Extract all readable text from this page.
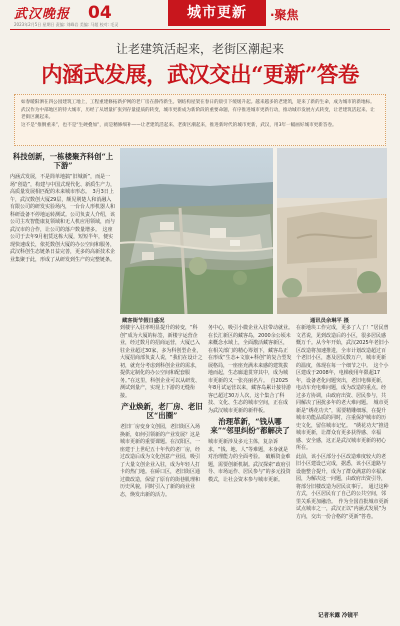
武汉晚报
2023年2月5日 星期日 责编: 刘峰岩 美编: 马超 校对: 毛灵
04	城市更新	·聚焦
让老建筑活起来，老街区潮起来
内涵式发展，武汉交出“更新”答卷
如春暖阳洒在四公园建筑工地上，工程重建修拓新护网的老厂房在静待新生。钢结构屋架在春日的晨引下缓缓升起。越来越多的老建筑，迎来了新的生命，成为城市的新地标。武汉作为中部地区的特大城市，历经了从增量扩张到存量提质的转变，城市更新成为新阶段的重要命题，有序推进城市更新行动，推动城市发展方式转变，让老建筑活起来、让老街区潮起来。
这不是“推倒重来”，也不是“生硬叠加”，而是精修细补——让老建筑活起来、老街区潮起来，推进新时代的城市更新，武汉，用3年一幅画好城市更新答卷。
藏客街节假日盛况	通讯员余琳平 摄
科技创新，一栋楼聚齐科创“上下游”

内涵式发展，不是简单地搞“旧城新”，而是一场“创造”，构建与中国式现代化、新质生产力，高质量发展相匹配的未来城市形态。　3月3日上午，武汉数创大厦29层，颇见荆楚人和消融入有限公司的研发实验场内，一台台人形机器人和科研设备不停地运转测试。公司负责人介绍，该公司主攻智能康复领域和无人机应用领域，而与武汉市的合作，让公司的落户数量增多。　这座公司于去年9月租赁这栋大厦，短短半年，便实现快速成长，依托数创大厦的办公空间和服务，武汉科创生态链条日益完善，更多的高新技术企业集聚于此，形成了从研发到生产的完整链条。

到楼宇入驻率明显提升的转变，“科创”成为大厦的标签，新楼宇运营企业，经过数月的招商运营，大厦已入驻企业超过30家，多为科创型企业，大厦招商部负责人说，“我们在设计之初，就充分考虑到科创企业的需求，提供定制化的办公空间和配套服务。”在这里，科创企业可以从研发、测试到量产，实现上下游的无缝衔接。

产业焕新，老厂房、老旧区“出圈”

老旧厂房变身文创园，老旧街区入场换新，如何引领新的产业发展？这是城市更新的重要课题。在汉阳区，一座建于上世纪五十年代的老厂房，经过改造后成为文化创意产业园，吸引了大量文创企业入驻，成为年轻人打卡的热门地。在硚口区，老旧街区通过微改造，保留了原有的街巷肌理和历史风貌，同时引入了新的商业业态，焕发出新的活力。

务中心，吸引小微企业入驻带动就业。　在长汇新区的藏客岛，2000余公顷未来概念水域上，全面激活藏客新区，在相关部门的精心筹划下，藏客岛正在形成“生态+文旅+科创”的复合型发展格局，一座座充满未来感的建筑拔地而起，生态廊道贯穿其中，成为城市更新的又一张亮丽名片。　自2025年8月试运营以来，藏客岛累计接待游客已超过30万人次，这个集合了科技、文化、生态的城市空间，正在成为武汉城市更新的新样板。

治理革新，“钱从哪来”“邻里纠纷”都解决了

城市更新涉及多元主体，复杂诉求，“钱、地、人”等难题，本身就是对治理能力的全面考验。　破解资金难题，需要创新机制。武汉探索“政府引导、市场运作、居民参与”的多元投资模式，让社会资本参与城市更新。

在新地块工作完成，更多了人了！”居民曾文君说，见到改造后的小区，很多居民感慨万千。从今年开始，武汉2025年老旧小区改造将加速推进，全市计划改造超过百个老旧小区，惠及居民数万户，城市更新的温度，体现在每一个细节之中。　这个小区建成于2008年，电梯使用年限超17年，设备老化问题突出，老旧电梯更新，电动车充电难问题，成为改造的重点。经过多方协调，由政府出资、居民参与，共同解决了困扰多年的老大难问题。　城市更新是“绣花功夫”，需要精雕细琢，在提升城市功能品质的同时，注重保护城市的历史文化，留住城市记忆。　“绣花功夫”推进城市更新，让群众有更多获得感、幸福感、安全感，这正是武汉城市更新的初心所在。

此前，该小区部分小区改造难度较大的老旧小区建设已完成，据悉，该小区道路与设施整合提升，成为了群众满意的幸福家园，为解决这一问题，由政府出资引导，将部分旧楼改造为居民议事厅。　通过这种方式，小区居民有了自己的公共空间，邻里关系更加融洽。　作为全国首批城市更新试点城市之一，武汉正以“内涵式发展”为方向，交出一份合格的“更新”答卷。

记者米露 冷镜平
